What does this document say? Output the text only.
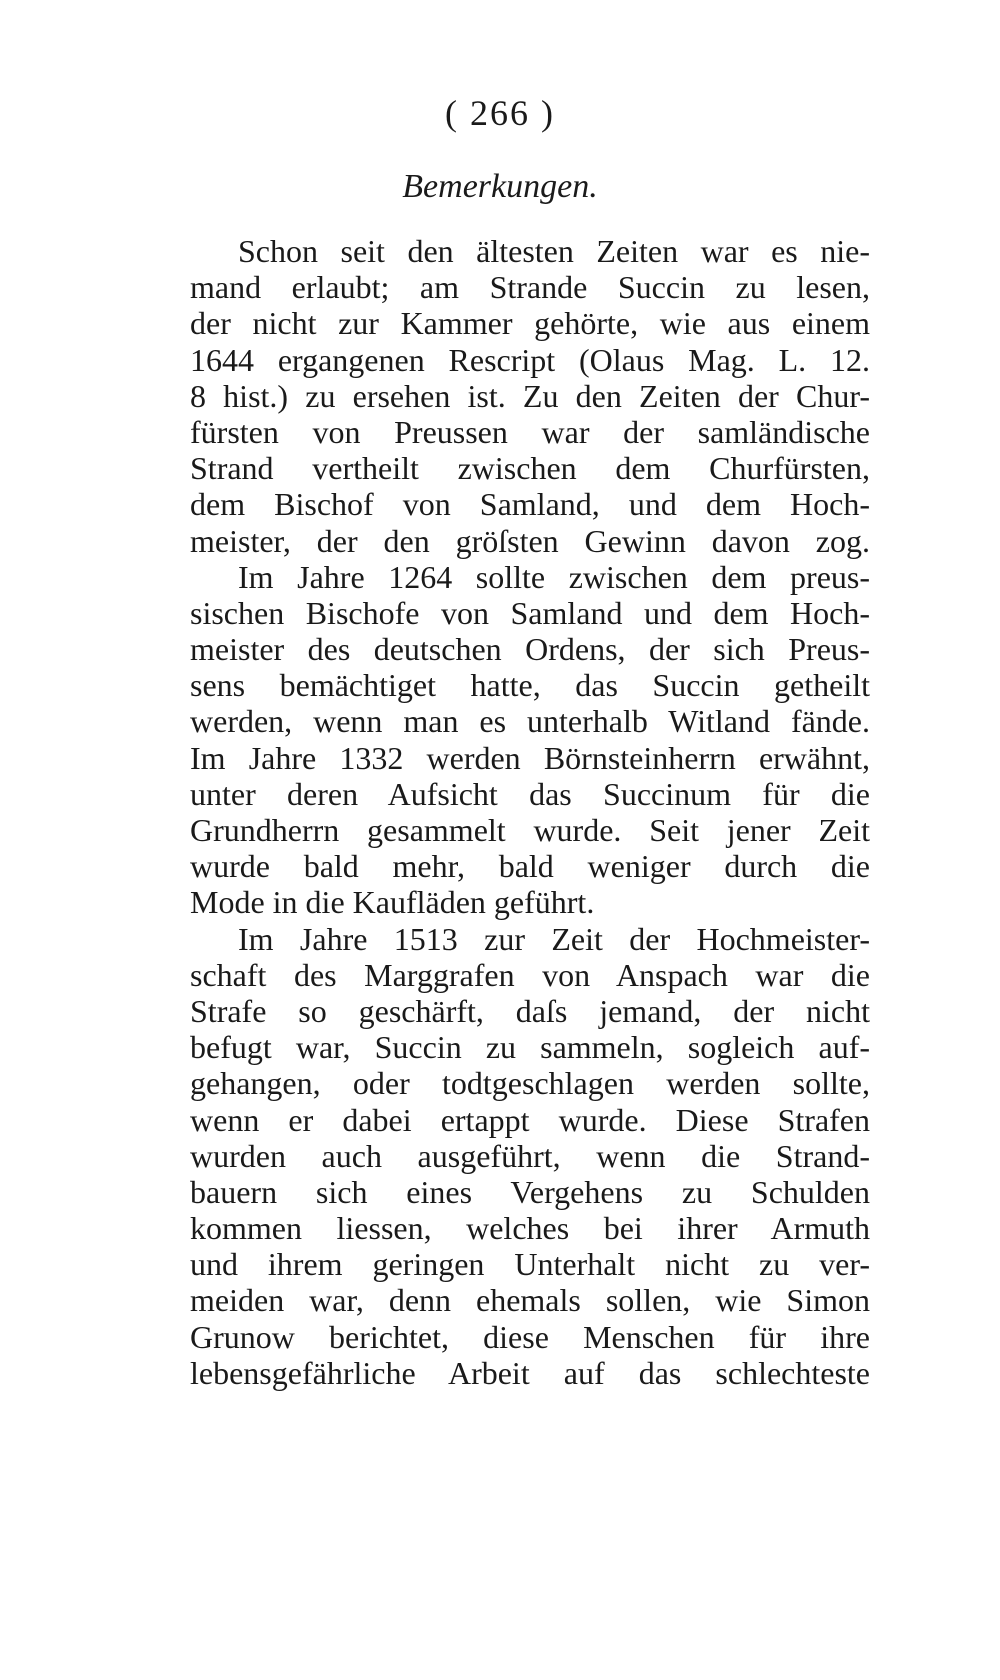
( 266 )
Bemerkungen.
Schon seit den ältesten Zeiten war es nie-
mand erlaubt; am Strande Succin zu lesen,
der nicht zur Kammer gehörte, wie aus einem
1644 ergangenen Rescript (Olaus Mag. L. 12.
8 hist.) zu ersehen ist. Zu den Zeiten der Chur-
fürsten von Preussen war der samländische
Strand vertheilt zwischen dem Churfürsten,
dem Bischof von Samland, und dem Hoch-
meister, der den gröſsten Gewinn davon zog.
Im Jahre 1264 sollte zwischen dem preus-
sischen Bischofe von Samland und dem Hoch-
meister des deutschen Ordens, der sich Preus-
sens bemächtiget hatte, das Succin getheilt
werden, wenn man es unterhalb Witland fände.
Im Jahre 1332 werden Börnsteinherrn erwähnt,
unter deren Aufsicht das Succinum für die
Grundherrn gesammelt wurde. Seit jener Zeit
wurde bald mehr, bald weniger durch die
Mode in die Kaufläden geführt.
Im Jahre 1513 zur Zeit der Hochmeister-
schaft des Marggrafen von Anspach war die
Strafe so geschärft, daſs jemand, der nicht
befugt war, Succin zu sammeln, sogleich auf-
gehangen, oder todtgeschlagen werden sollte,
wenn er dabei ertappt wurde. Diese Strafen
wurden auch ausgeführt, wenn die Strand-
bauern sich eines Vergehens zu Schulden
kommen liessen, welches bei ihrer Armuth
und ihrem geringen Unterhalt nicht zu ver-
meiden war, denn ehemals sollen, wie Simon
Grunow berichtet, diese Menschen für ihre
lebensgefährliche Arbeit auf das schlechteste
